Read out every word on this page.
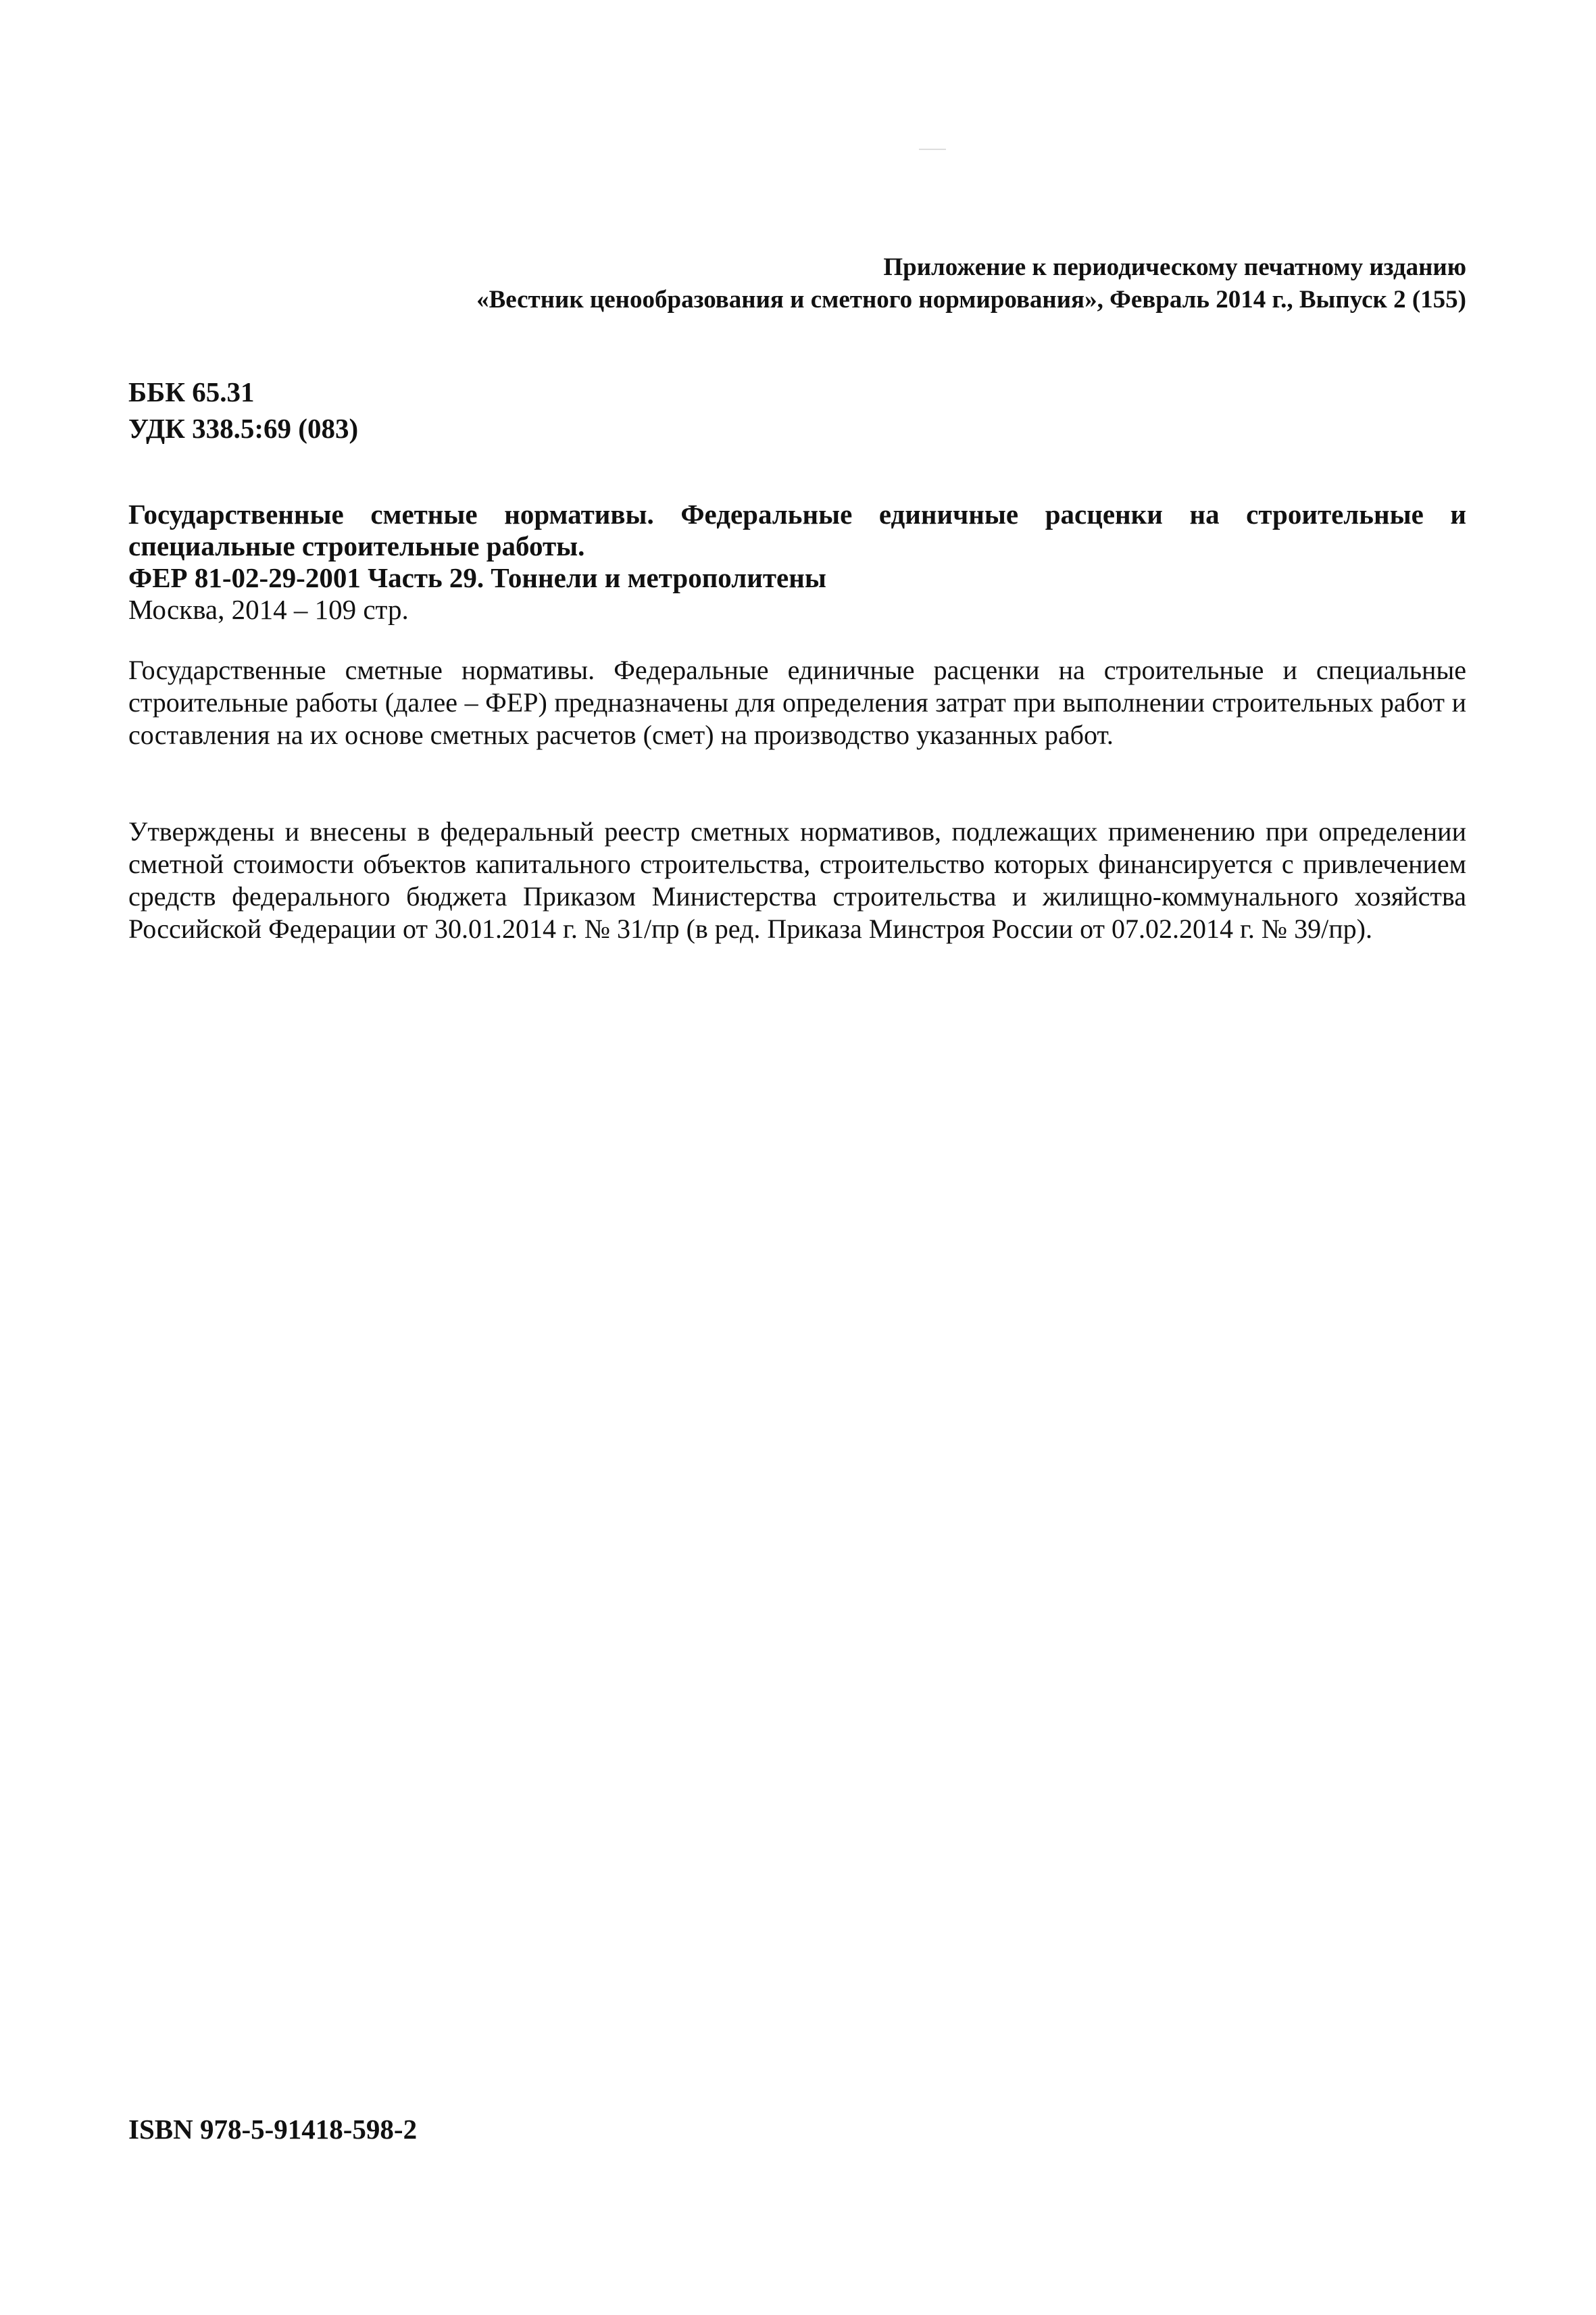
Приложение к периодическому печатному изданию
«Вестник ценообразования и сметного нормирования», Февраль 2014 г., Выпуск 2 (155)
ББК 65.31
УДК 338.5:69 (083)
Государственные сметные нормативы. Федеральные единичные расценки на строительные и специальные строительные работы.
ФЕР 81-02-29-2001 Часть 29. Тоннели и метрополитены
Москва, 2014 – 109 стр.
Государственные сметные нормативы. Федеральные единичные расценки на строительные и специальные строительные работы (далее – ФЕР) предназначены для определения затрат при выполнении строительных работ и составления на их основе сметных расчетов (смет) на производство указанных работ.
Утверждены и внесены в федеральный реестр сметных нормативов, подлежащих применению при определении сметной стоимости объектов капитального строительства, строительство которых финансируется с привлечением средств федерального бюджета Приказом Министерства строительства и жилищно-коммунального хозяйства Российской Федерации от 30.01.2014 г. № 31/пр (в ред. Приказа Минстроя России от 07.02.2014 г. № 39/пр).
ISBN 978-5-91418-598-2
